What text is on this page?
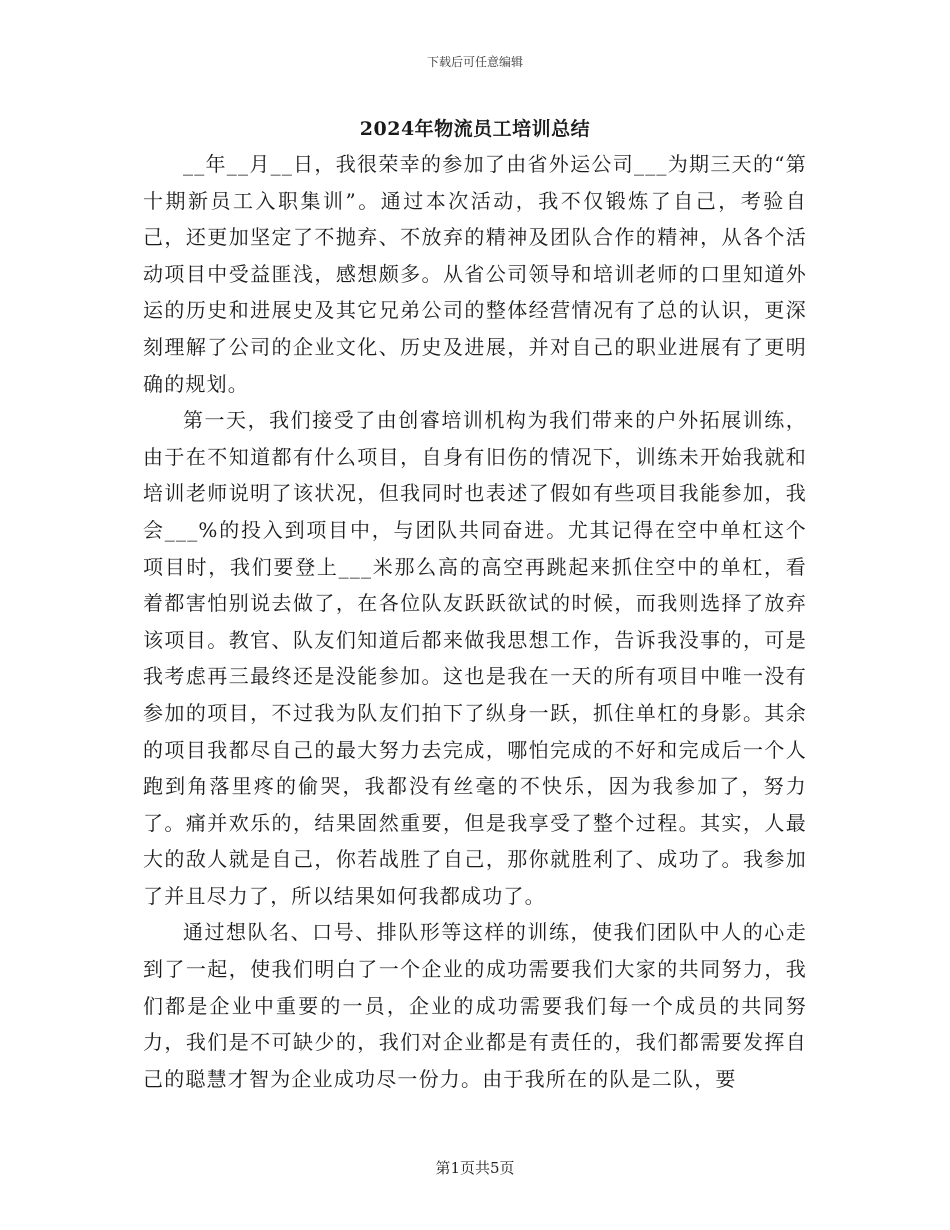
下载后可任意编辑
2024年物流员工培训总结

__年__月__日，我很荣幸的参加了由省外运公司___为期三天的“第十期新员工入职集训”。通过本次活动，我不仅锻炼了自己，考验自己，还更加坚定了不抛弃、不放弃的精神及团队合作的精神，从各个活动项目中受益匪浅，感想颇多。从省公司领导和培训老师的口里知道外运的历史和进展史及其它兄弟公司的整体经营情况有了总的认识，更深刻理解了公司的企业文化、历史及进展，并对自己的职业进展有了更明确的规划。

第一天，我们接受了由创睿培训机构为我们带来的户外拓展训练，由于在不知道都有什么项目，自身有旧伤的情况下，训练未开始我就和培训老师说明了该状况，但我同时也表述了假如有些项目我能参加，我会___%的投入到项目中，与团队共同奋进。尤其记得在空中单杠这个项目时，我们要登上___米那么高的高空再跳起来抓住空中的单杠，看着都害怕别说去做了，在各位队友跃跃欲试的时候，而我则选择了放弃该项目。教官、队友们知道后都来做我思想工作，告诉我没事的，可是我考虑再三最终还是没能参加。这也是我在一天的所有项目中唯一没有参加的项目，不过我为队友们拍下了纵身一跃，抓住单杠的身影。其余的项目我都尽自己的最大努力去完成，哪怕完成的不好和完成后一个人跑到角落里疼的偷哭，我都没有丝毫的不快乐，因为我参加了，努力了。痛并欢乐的，结果固然重要，但是我享受了整个过程。其实，人最大的敌人就是自己，你若战胜了自己，那你就胜利了、成功了。我参加了并且尽力了，所以结果如何我都成功了。

通过想队名、口号、排队形等这样的训练，使我们团队中人的心走到了一起，使我们明白了一个企业的成功需要我们大家的共同努力，我们都是企业中重要的一员，企业的成功需要我们每一个成员的共同努力，我们是不可缺少的，我们对企业都是有责任的，我们都需要发挥自己的聪慧才智为企业成功尽一份力。由于我所在的队是二队，要

第1页共5页
